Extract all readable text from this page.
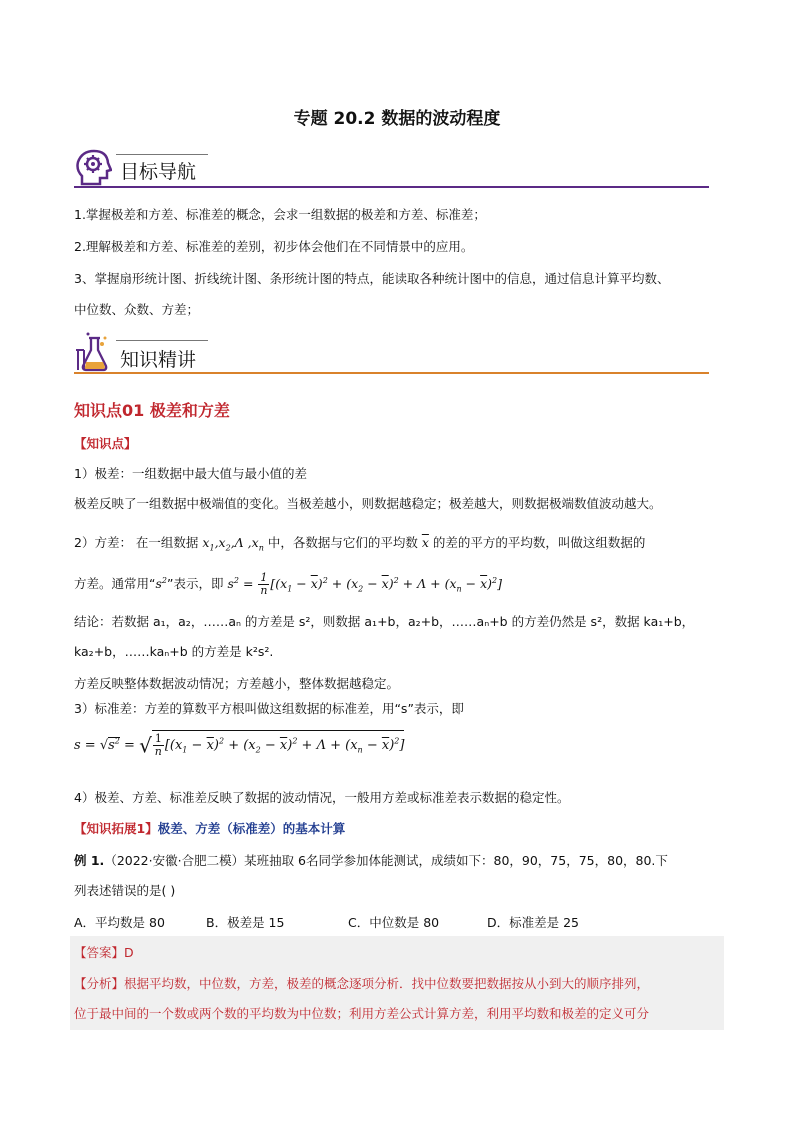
专题 20.2 数据的波动程度
目标导航
1.掌握极差和方差、标准差的概念，会求一组数据的极差和方差、标准差；
2.理解极差和方差、标准差的差别，初步体会他们在不同情景中的应用。
3、掌握扇形统计图、折线统计图、条形统计图的特点，能读取各种统计图中的信息，通过信息计算平均数、
中位数、众数、方差；
知识精讲
知识点01 极差和方差
【知识点】
1）极差：一组数据中最大值与最小值的差
极差反映了一组数据中极端值的变化。当极差越小，则数据越稳定；极差越大，则数据极端数值波动越大。
2）方差： 在一组数据 $x_1,x_2,\Lambda$ $,x_n$ 中，各数据与它们的平均数 $\overline{x}$ 的差的平方的平均数，叫做这组数据的
方差。通常用“$s^2$”表示，即 $s^2 = \frac{1}{n} [(x_1 - \overline{x})^2 + (x_2 - \overline{x})^2 + \Lambda + (x_n - \overline{x})^2]$
结论：若数据 a₁，a₂，……aₙ 的方差是 s²，则数据 a₁+b，a₂+b，……aₙ+b 的方差仍然是 s²，数据 ka₁+b，
ka₂+b，……kaₙ+b 的方差是 k²s².
方差反映整体数据波动情况；方差越小，整体数据越稳定。
3）标准差：方差的算数平方根叫做这组数据的标准差，用“s”表示，即
$s = √s^2$ = √ $\frac{1}{n} [(x_1 - \overline{x})^2 + (x_2 - \overline{x})^2 + \Lambda + (x_n - \overline{x})^2]$
4）极差、方差、标准差反映了数据的波动情况，一般用方差或标准差表示数据的稳定性。
【知识拓展1】极差、方差（标准差）的基本计算
例 1.（2022·安徽·合肥二模）某班抽取 6名同学参加体能测试，成绩如下：80，90，75，75，80，80.下
列表述错误的是( )
A．平均数是 80	B．极差是 15	C．中位数是 80	D．标准差是 25
【答案】D
【分析】根据平均数，中位数，方差，极差的概念逐项分析．找中位数要把数据按从小到大的顺序排列，
位于最中间的一个数或两个数的平均数为中位数；利用方差公式计算方差，利用平均数和极差的定义可分
